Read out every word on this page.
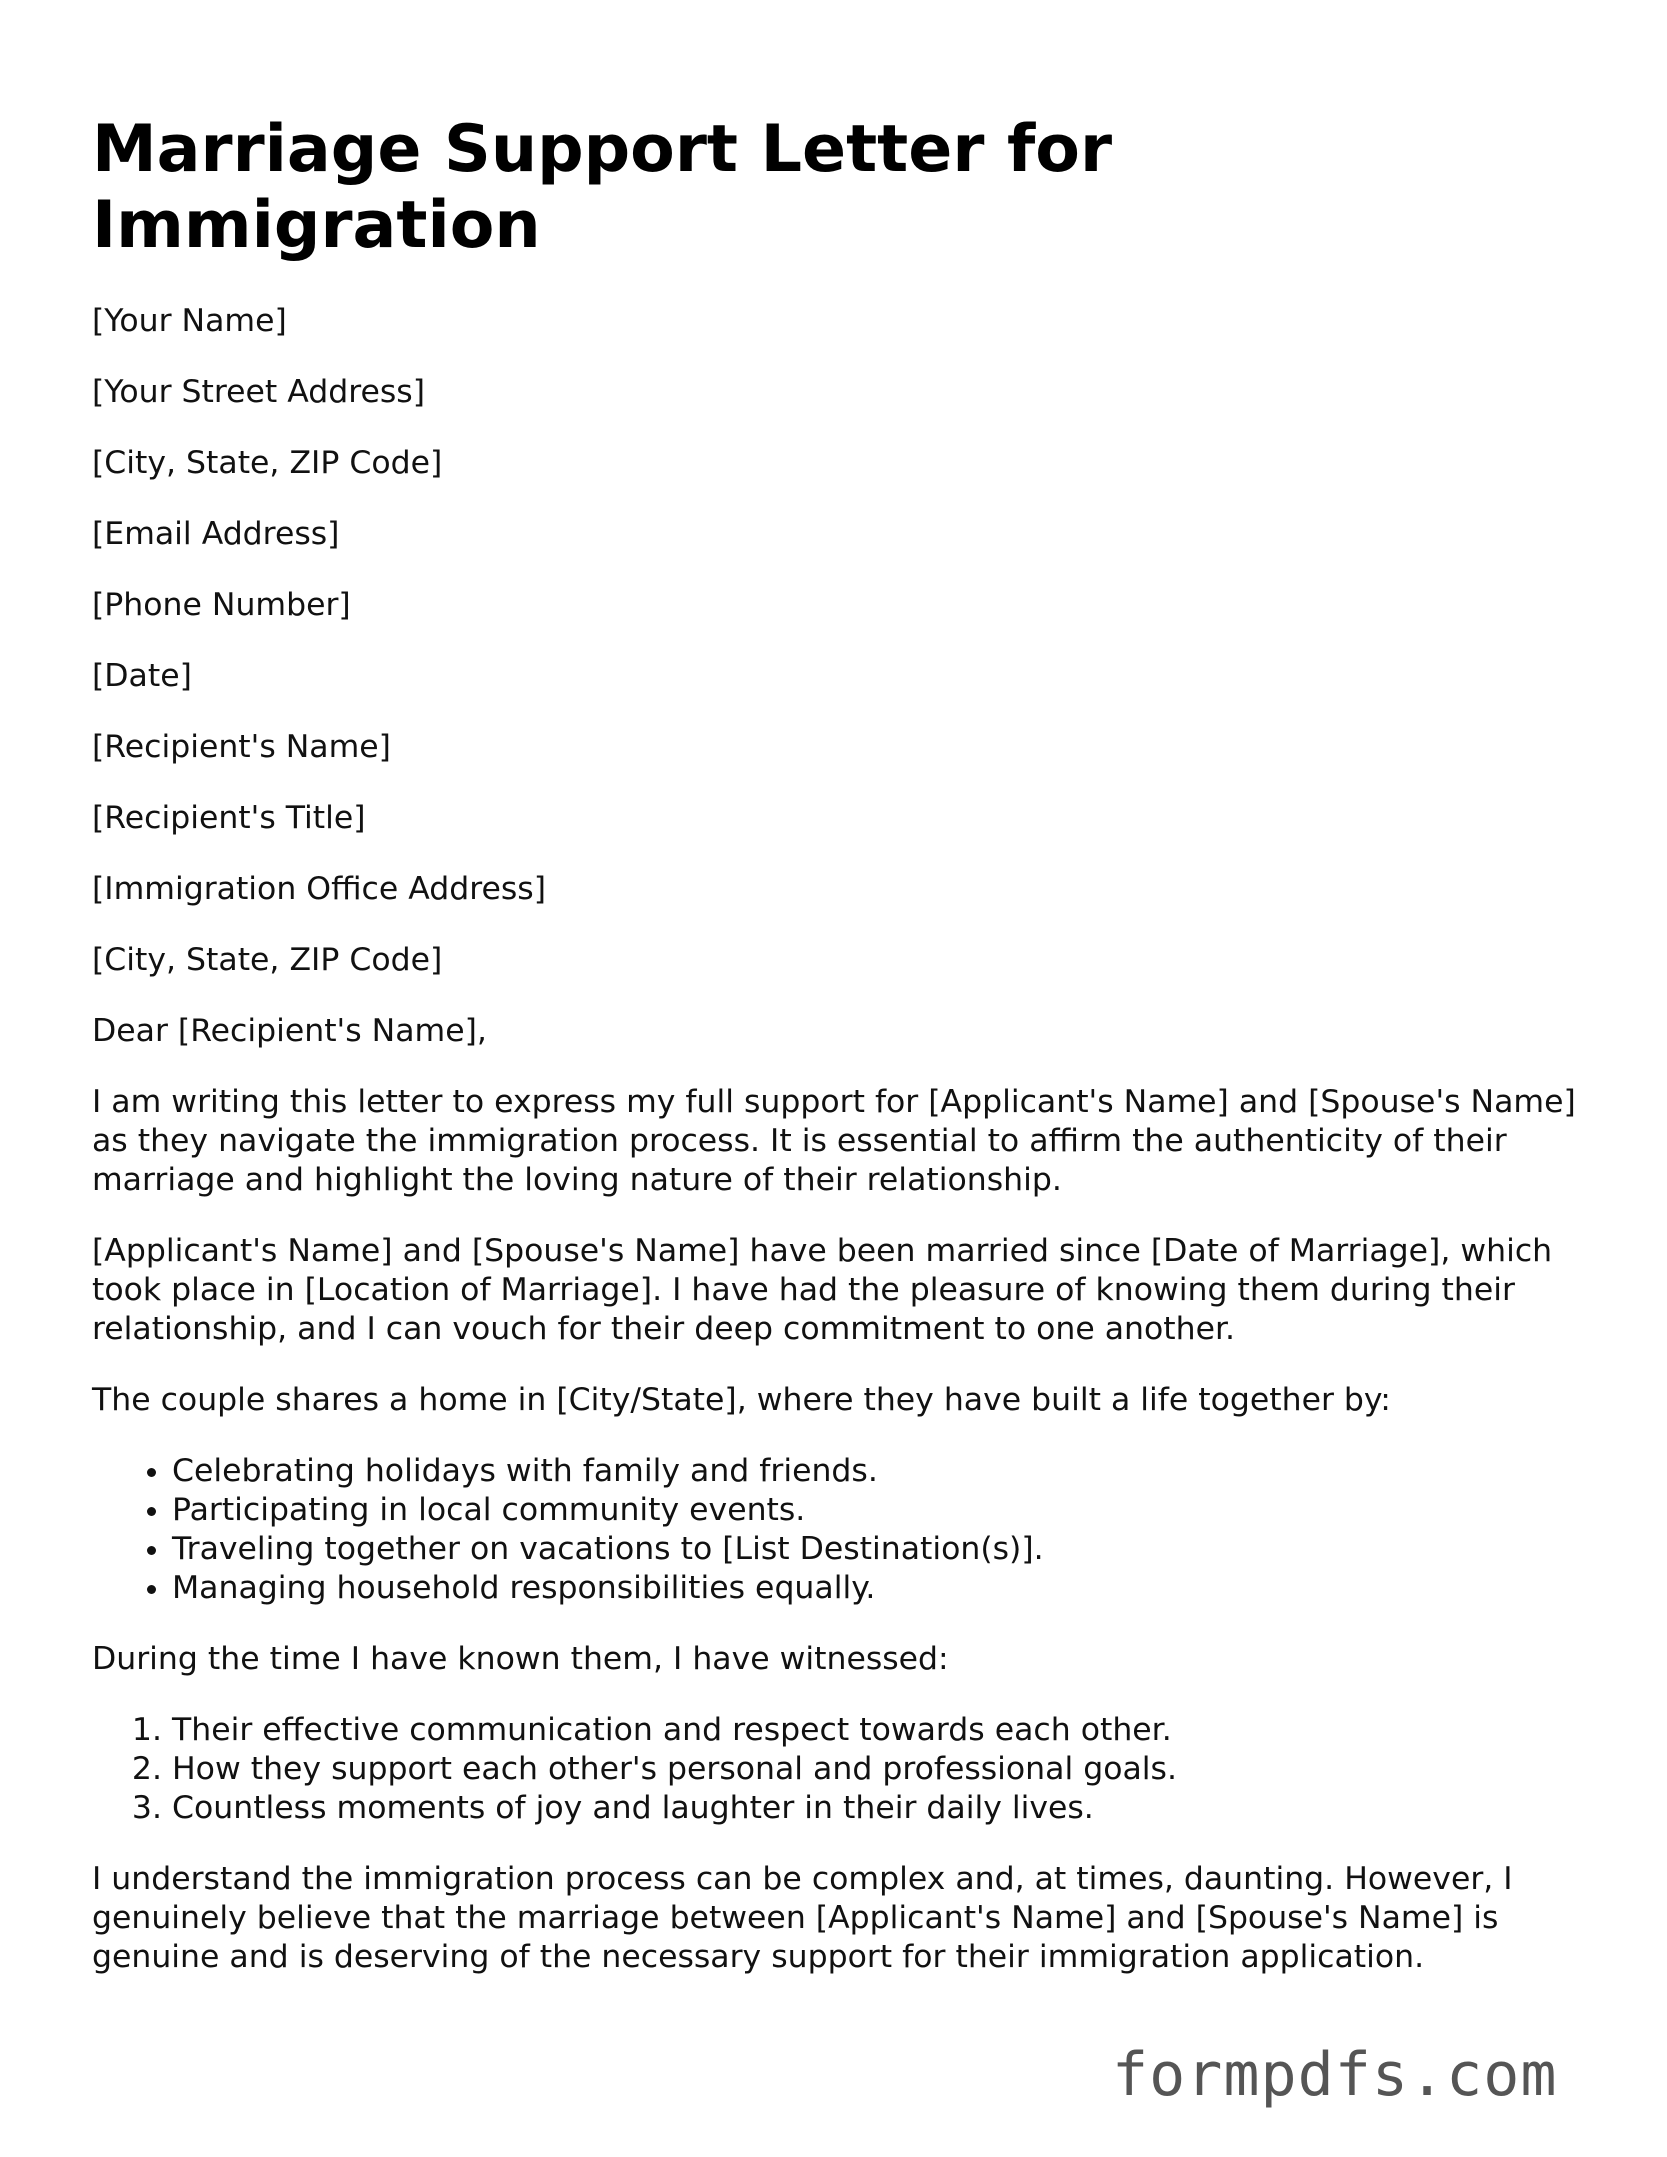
Marriage Support Letter for Immigration

[Your Name]

[Your Street Address]

[City, State, ZIP Code]

[Email Address]

[Phone Number]

[Date]

[Recipient's Name]

[Recipient's Title]

[Immigration Office Address]

[City, State, ZIP Code]

Dear [Recipient's Name],

I am writing this letter to express my full support for [Applicant's Name] and [Spouse's Name] as they navigate the immigration process. It is essential to affirm the authenticity of their marriage and highlight the loving nature of their relationship.

[Applicant's Name] and [Spouse's Name] have been married since [Date of Marriage], which took place in [Location of Marriage]. I have had the pleasure of knowing them during their relationship, and I can vouch for their deep commitment to one another.

The couple shares a home in [City/State], where they have built a life together by:

• Celebrating holidays with family and friends.
• Participating in local community events.
• Traveling together on vacations to [List Destination(s)].
• Managing household responsibilities equally.

During the time I have known them, I have witnessed:

1. Their effective communication and respect towards each other.
2. How they support each other's personal and professional goals.
3. Countless moments of joy and laughter in their daily lives.

I understand the immigration process can be complex and, at times, daunting. However, I genuinely believe that the marriage between [Applicant's Name] and [Spouse's Name] is genuine and is deserving of the necessary support for their immigration application.

formpdfs.com
